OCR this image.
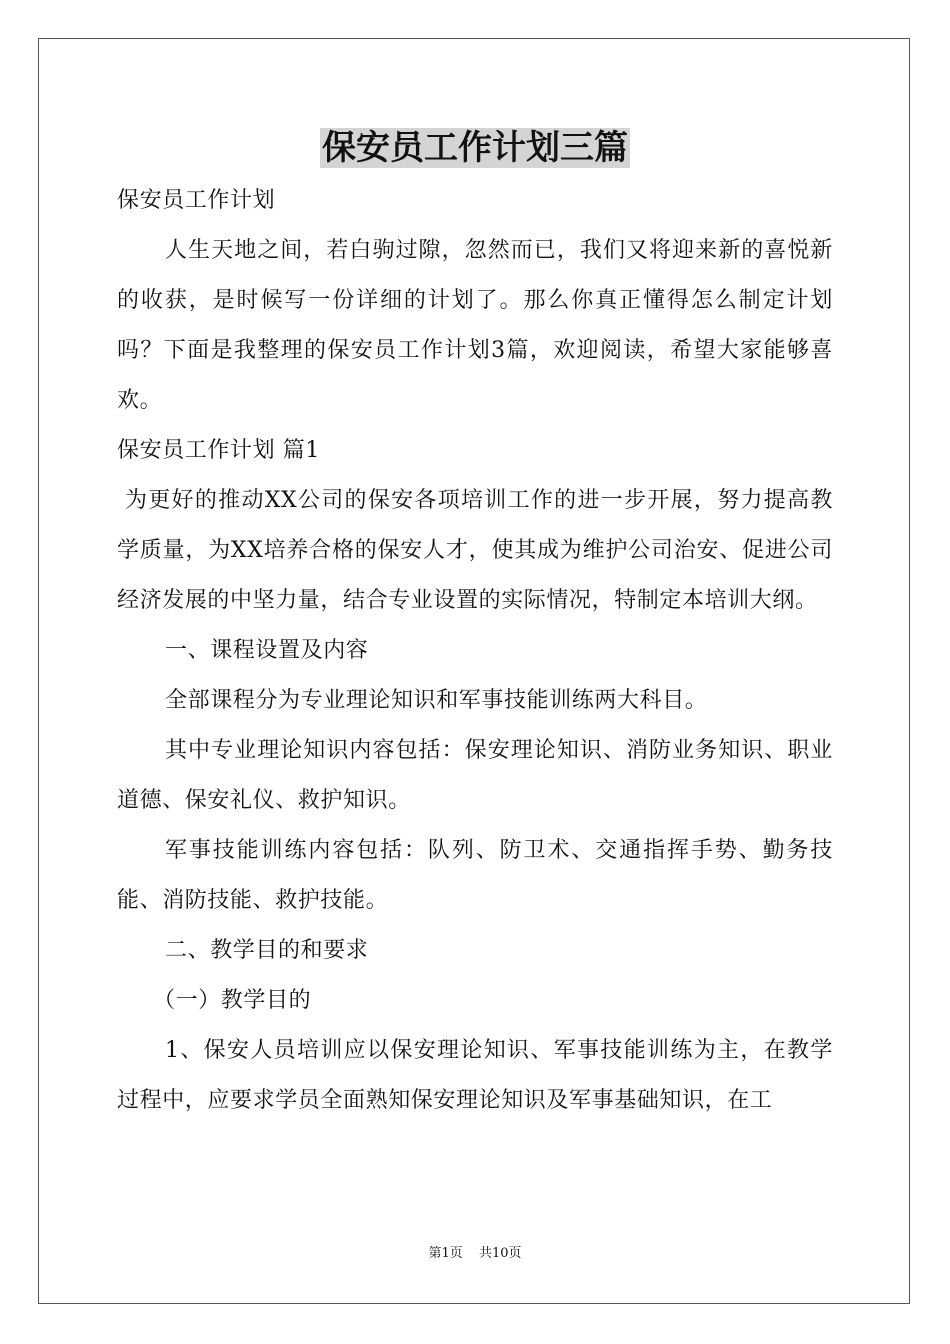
保安员工作计划三篇

保安员工作计划

人生天地之间，若白驹过隙，忽然而已，我们又将迎来新的喜悦新的收获，是时候写一份详细的计划了。那么你真正懂得怎么制定计划吗？下面是我整理的保安员工作计划3篇，欢迎阅读，希望大家能够喜欢。

保安员工作计划 篇1

为更好的推动XX公司的保安各项培训工作的进一步开展，努力提高教学质量，为XX培养合格的保安人才，使其成为维护公司治安、促进公司经济发展的中坚力量，结合专业设置的实际情况，特制定本培训大纲。

一、课程设置及内容

全部课程分为专业理论知识和军事技能训练两大科目。

其中专业理论知识内容包括：保安理论知识、消防业务知识、职业道德、保安礼仪、救护知识。

军事技能训练内容包括：队列、防卫术、交通指挥手势、勤务技能、消防技能、救护技能。

二、教学目的和要求

（一）教学目的

1、保安人员培训应以保安理论知识、军事技能训练为主，在教学过程中，应要求学员全面熟知保安理论知识及军事基础知识，在工

第1页 共10页
